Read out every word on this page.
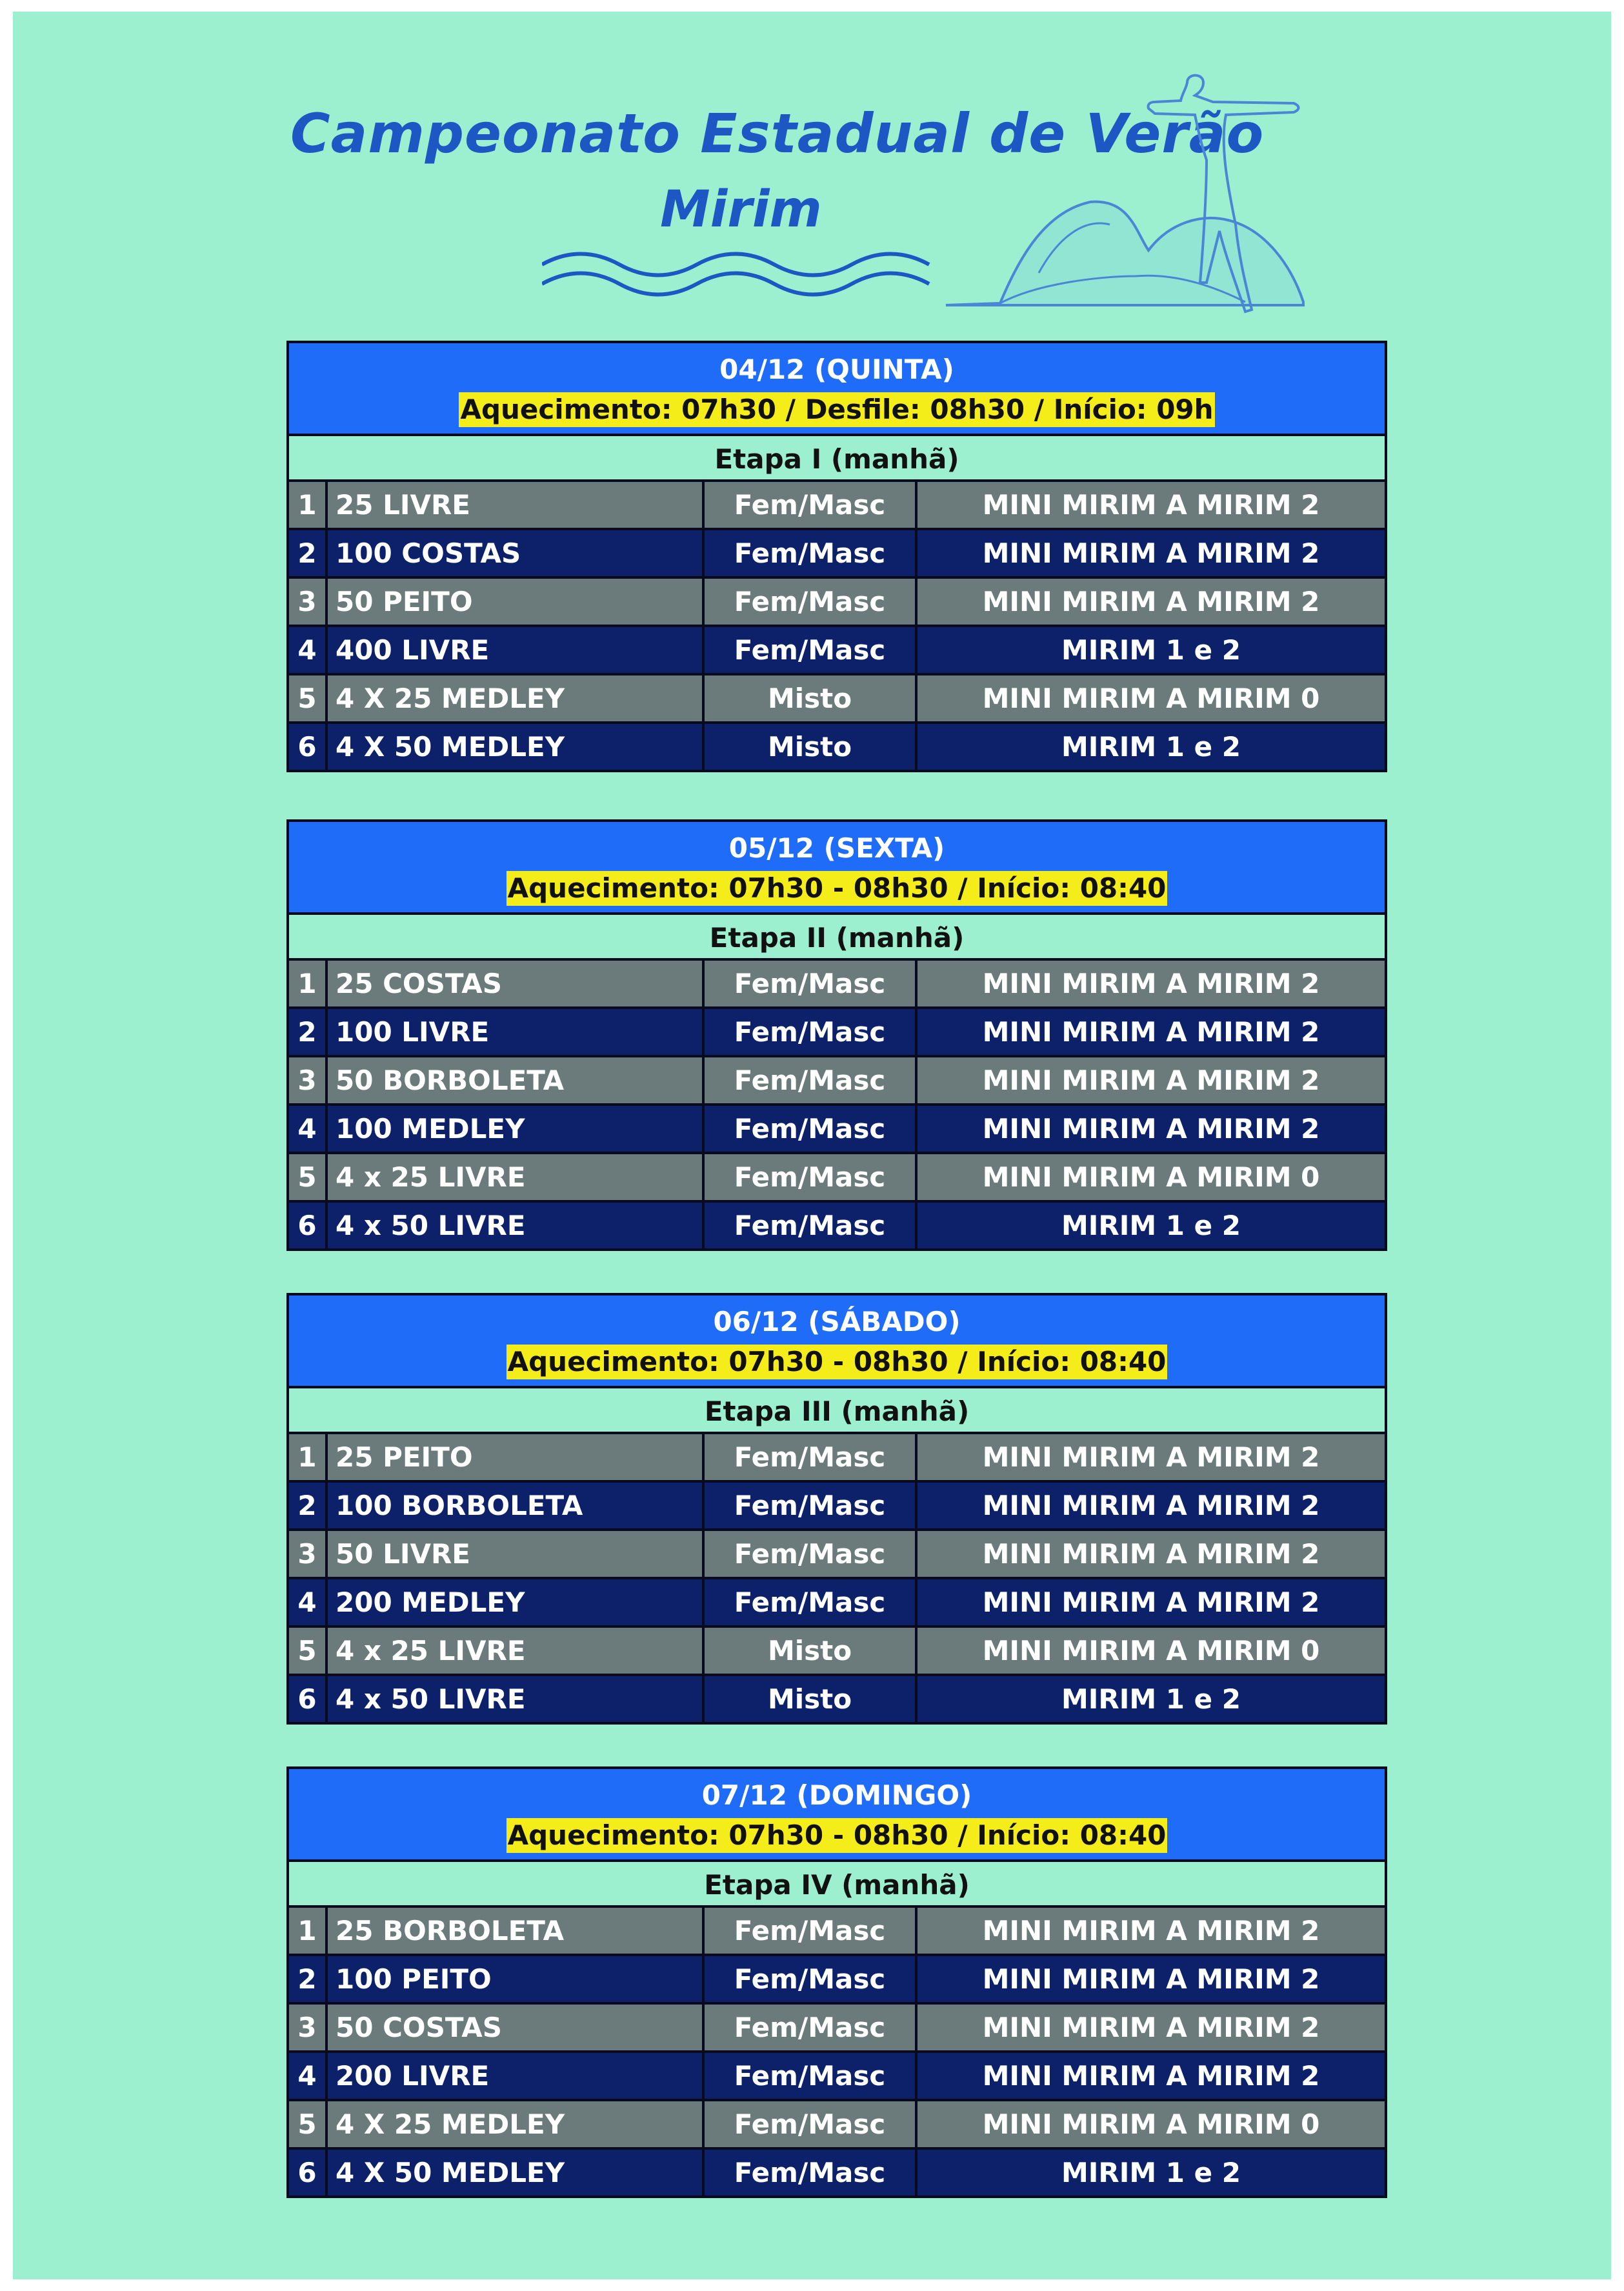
Campeonato Estadual de Verão
Mirim
04/12 (QUINTA)
Aquecimento: 07h30 / Desfile: 08h30 / Início: 09h
Etapa I (manhã)
1 25 LIVRE	Fem/Masc	MINI MIRIM A MIRIM 2
2 100 COSTAS	Fem/Masc	MINI MIRIM A MIRIM 2
3 50 PEITO	Fem/Masc	MINI MIRIM A MIRIM 2
4 400 LIVRE	Fem/Masc	MIRIM 1 e 2
5 4 X 25 MEDLEY	Misto	MINI MIRIM A MIRIM 0
6 4 X 50 MEDLEY	Misto	MIRIM 1 e 2
05/12 (SEXTA)
Aquecimento: 07h30 - 08h30 / Início: 08:40
Etapa II (manhã)
1 25 COSTAS	Fem/Masc	MINI MIRIM A MIRIM 2
2 100 LIVRE	Fem/Masc	MINI MIRIM A MIRIM 2
3 50 BORBOLETA	Fem/Masc	MINI MIRIM A MIRIM 2
4 100 MEDLEY	Fem/Masc	MINI MIRIM A MIRIM 2
5 4 x 25 LIVRE	Fem/Masc	MINI MIRIM A MIRIM 0
6 4 x 50 LIVRE	Fem/Masc	MIRIM 1 e 2
06/12 (SÁBADO)
Aquecimento: 07h30 - 08h30 / Início: 08:40
Etapa III (manhã)
1 25 PEITO	Fem/Masc	MINI MIRIM A MIRIM 2
2 100 BORBOLETA	Fem/Masc	MINI MIRIM A MIRIM 2
3 50 LIVRE	Fem/Masc	MINI MIRIM A MIRIM 2
4 200 MEDLEY	Fem/Masc	MINI MIRIM A MIRIM 2
5 4 x 25 LIVRE	Misto	MINI MIRIM A MIRIM 0
6 4 x 50 LIVRE	Misto	MIRIM 1 e 2
07/12 (DOMINGO)
Aquecimento: 07h30 - 08h30 / Início: 08:40
Etapa IV (manhã)
1 25 BORBOLETA	Fem/Masc	MINI MIRIM A MIRIM 2
2 100 PEITO	Fem/Masc	MINI MIRIM A MIRIM 2
3 50 COSTAS	Fem/Masc	MINI MIRIM A MIRIM 2
4 200 LIVRE	Fem/Masc	MINI MIRIM A MIRIM 2
5 4 X 25 MEDLEY	Fem/Masc	MINI MIRIM A MIRIM 0
6 4 X 50 MEDLEY	Fem/Masc	MIRIM 1 e 2
